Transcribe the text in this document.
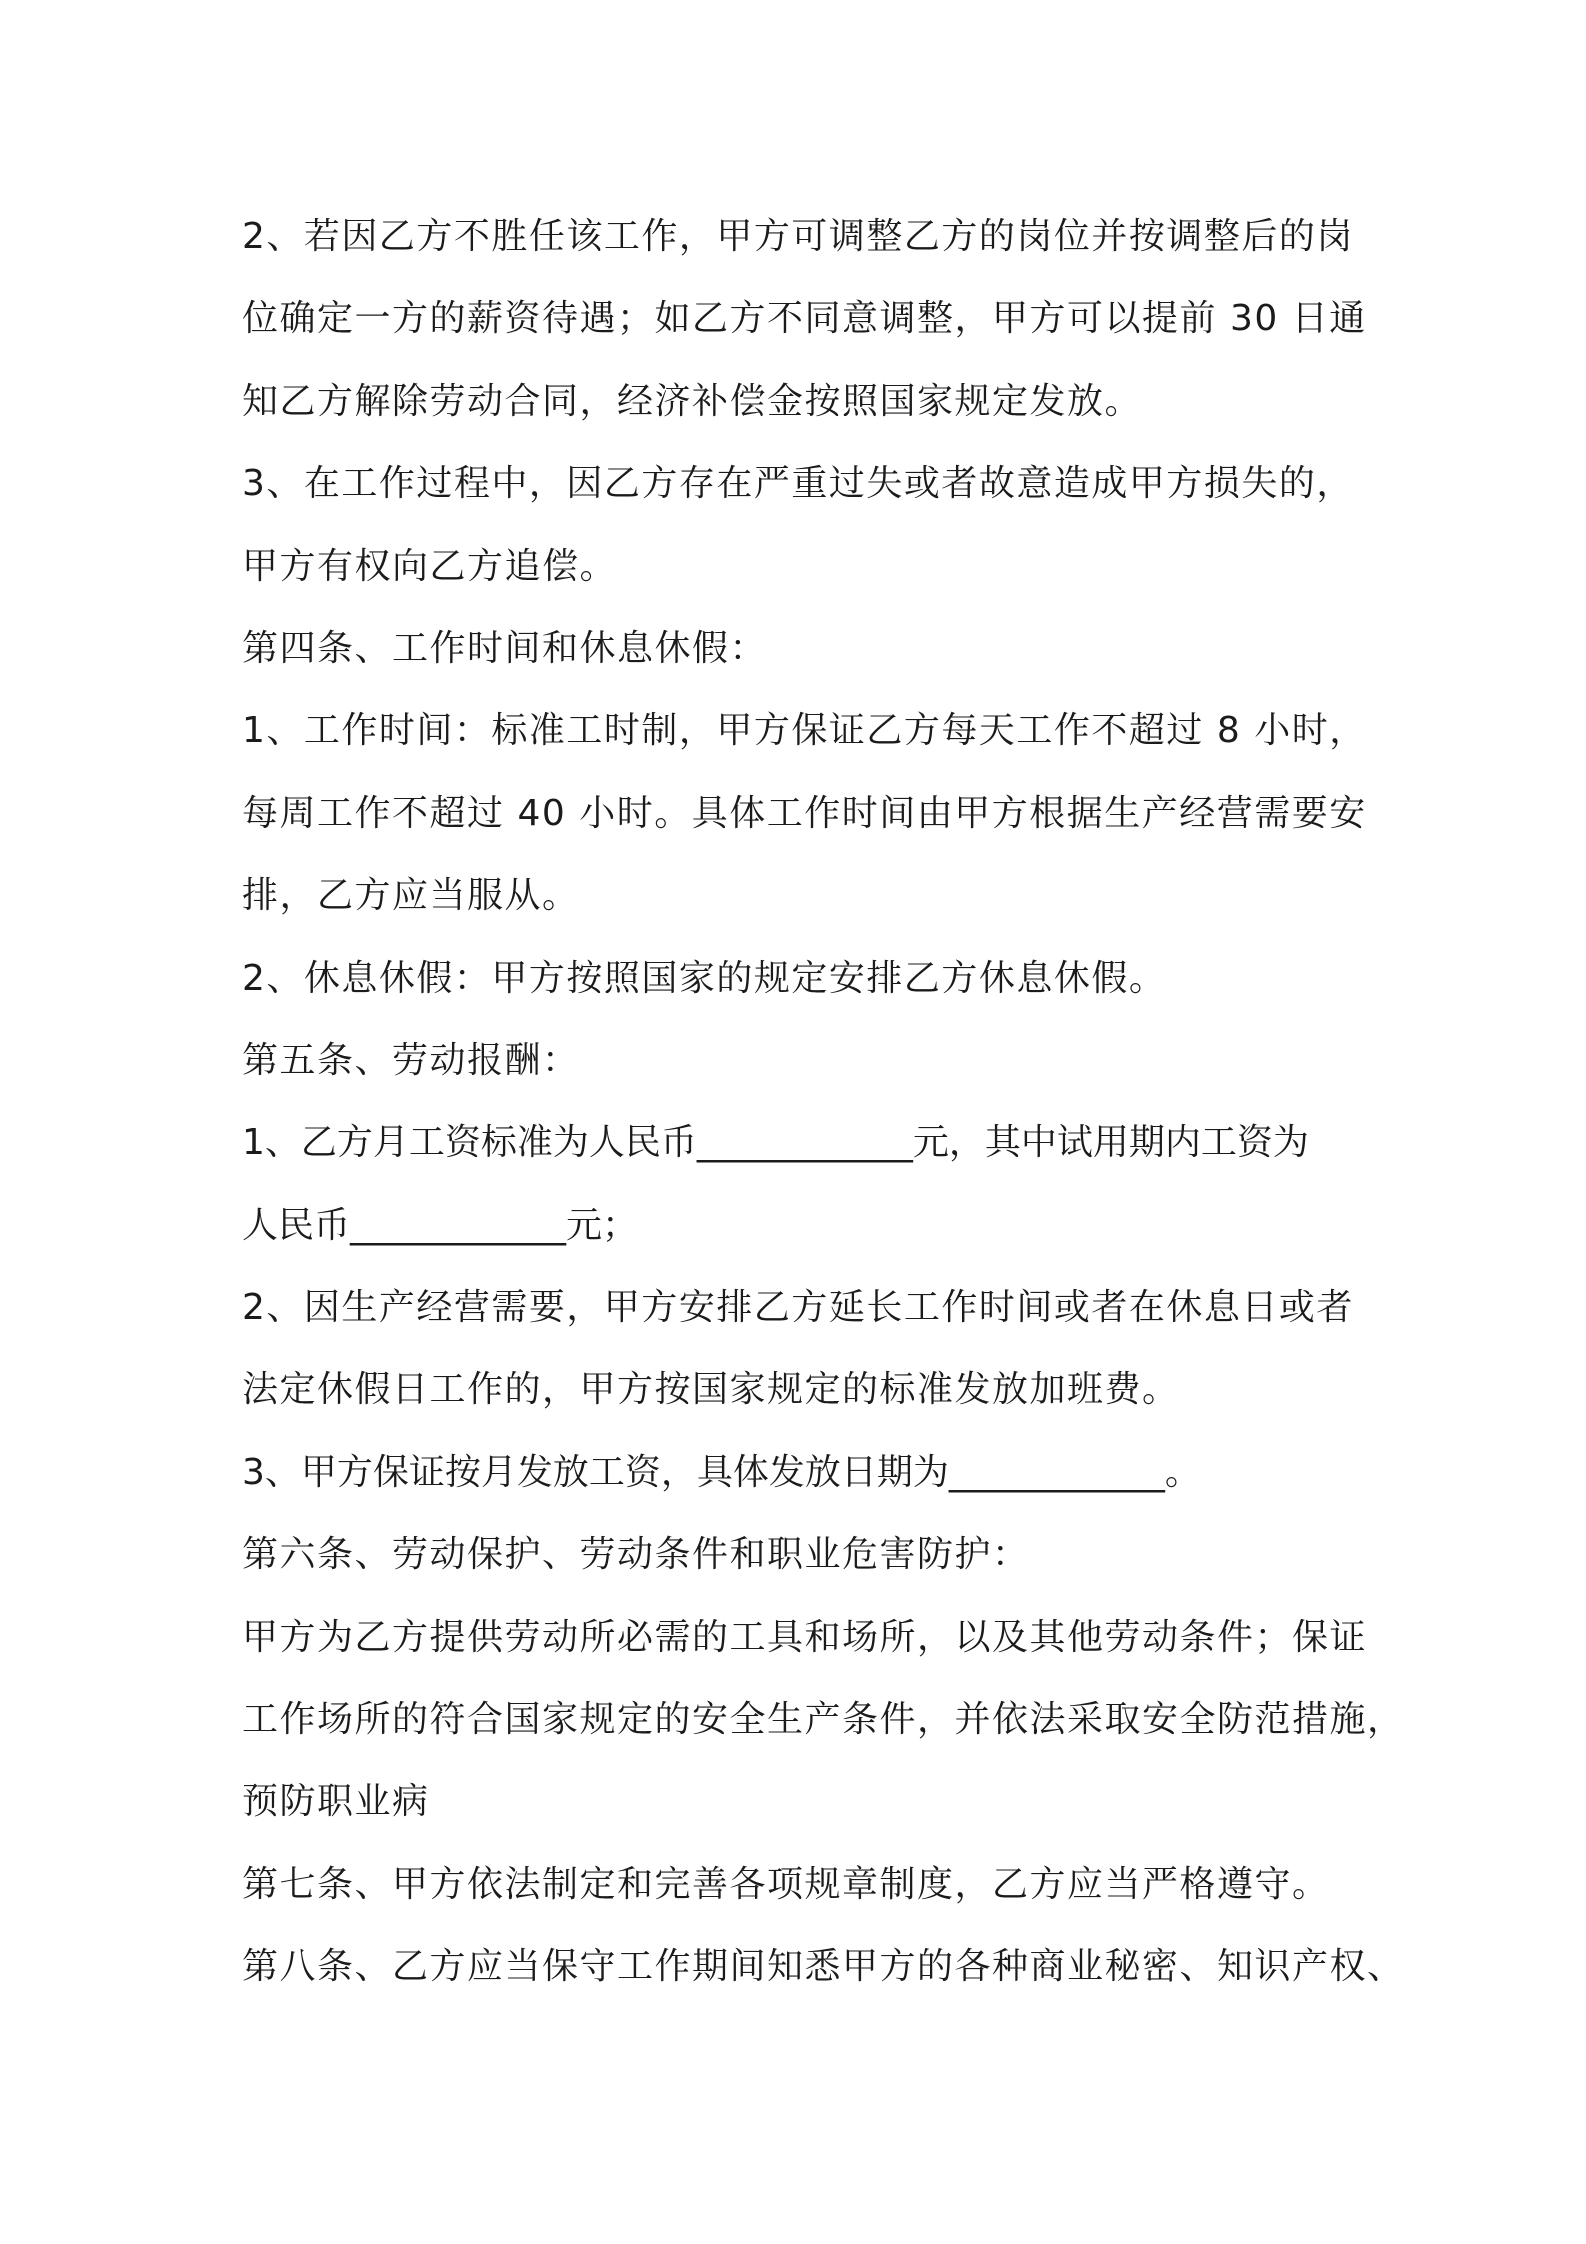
2、若因乙方不胜任该工作，甲方可调整乙方的岗位并按调整后的岗
位确定一方的薪资待遇；如乙方不同意调整，甲方可以提前 30 日通
知乙方解除劳动合同，经济补偿金按照国家规定发放。
3、在工作过程中，因乙方存在严重过失或者故意造成甲方损失的，
甲方有权向乙方追偿。
第四条、工作时间和休息休假：
1、工作时间：标准工时制，甲方保证乙方每天工作不超过 8 小时，
每周工作不超过 40 小时。具体工作时间由甲方根据生产经营需要安
排，乙方应当服从。
2、休息休假：甲方按照国家的规定安排乙方休息休假。
第五条、劳动报酬：
1、乙方月工资标准为人民币____________元，其中试用期内工资为
人民币____________元；
2、因生产经营需要，甲方安排乙方延长工作时间或者在休息日或者
法定休假日工作的，甲方按国家规定的标准发放加班费。
3、甲方保证按月发放工资，具体发放日期为____________。
第六条、劳动保护、劳动条件和职业危害防护：
甲方为乙方提供劳动所必需的工具和场所，以及其他劳动条件；保证
工作场所的符合国家规定的安全生产条件，并依法采取安全防范措施，
预防职业病
第七条、甲方依法制定和完善各项规章制度，乙方应当严格遵守。
第八条、乙方应当保守工作期间知悉甲方的各种商业秘密、知识产权、
